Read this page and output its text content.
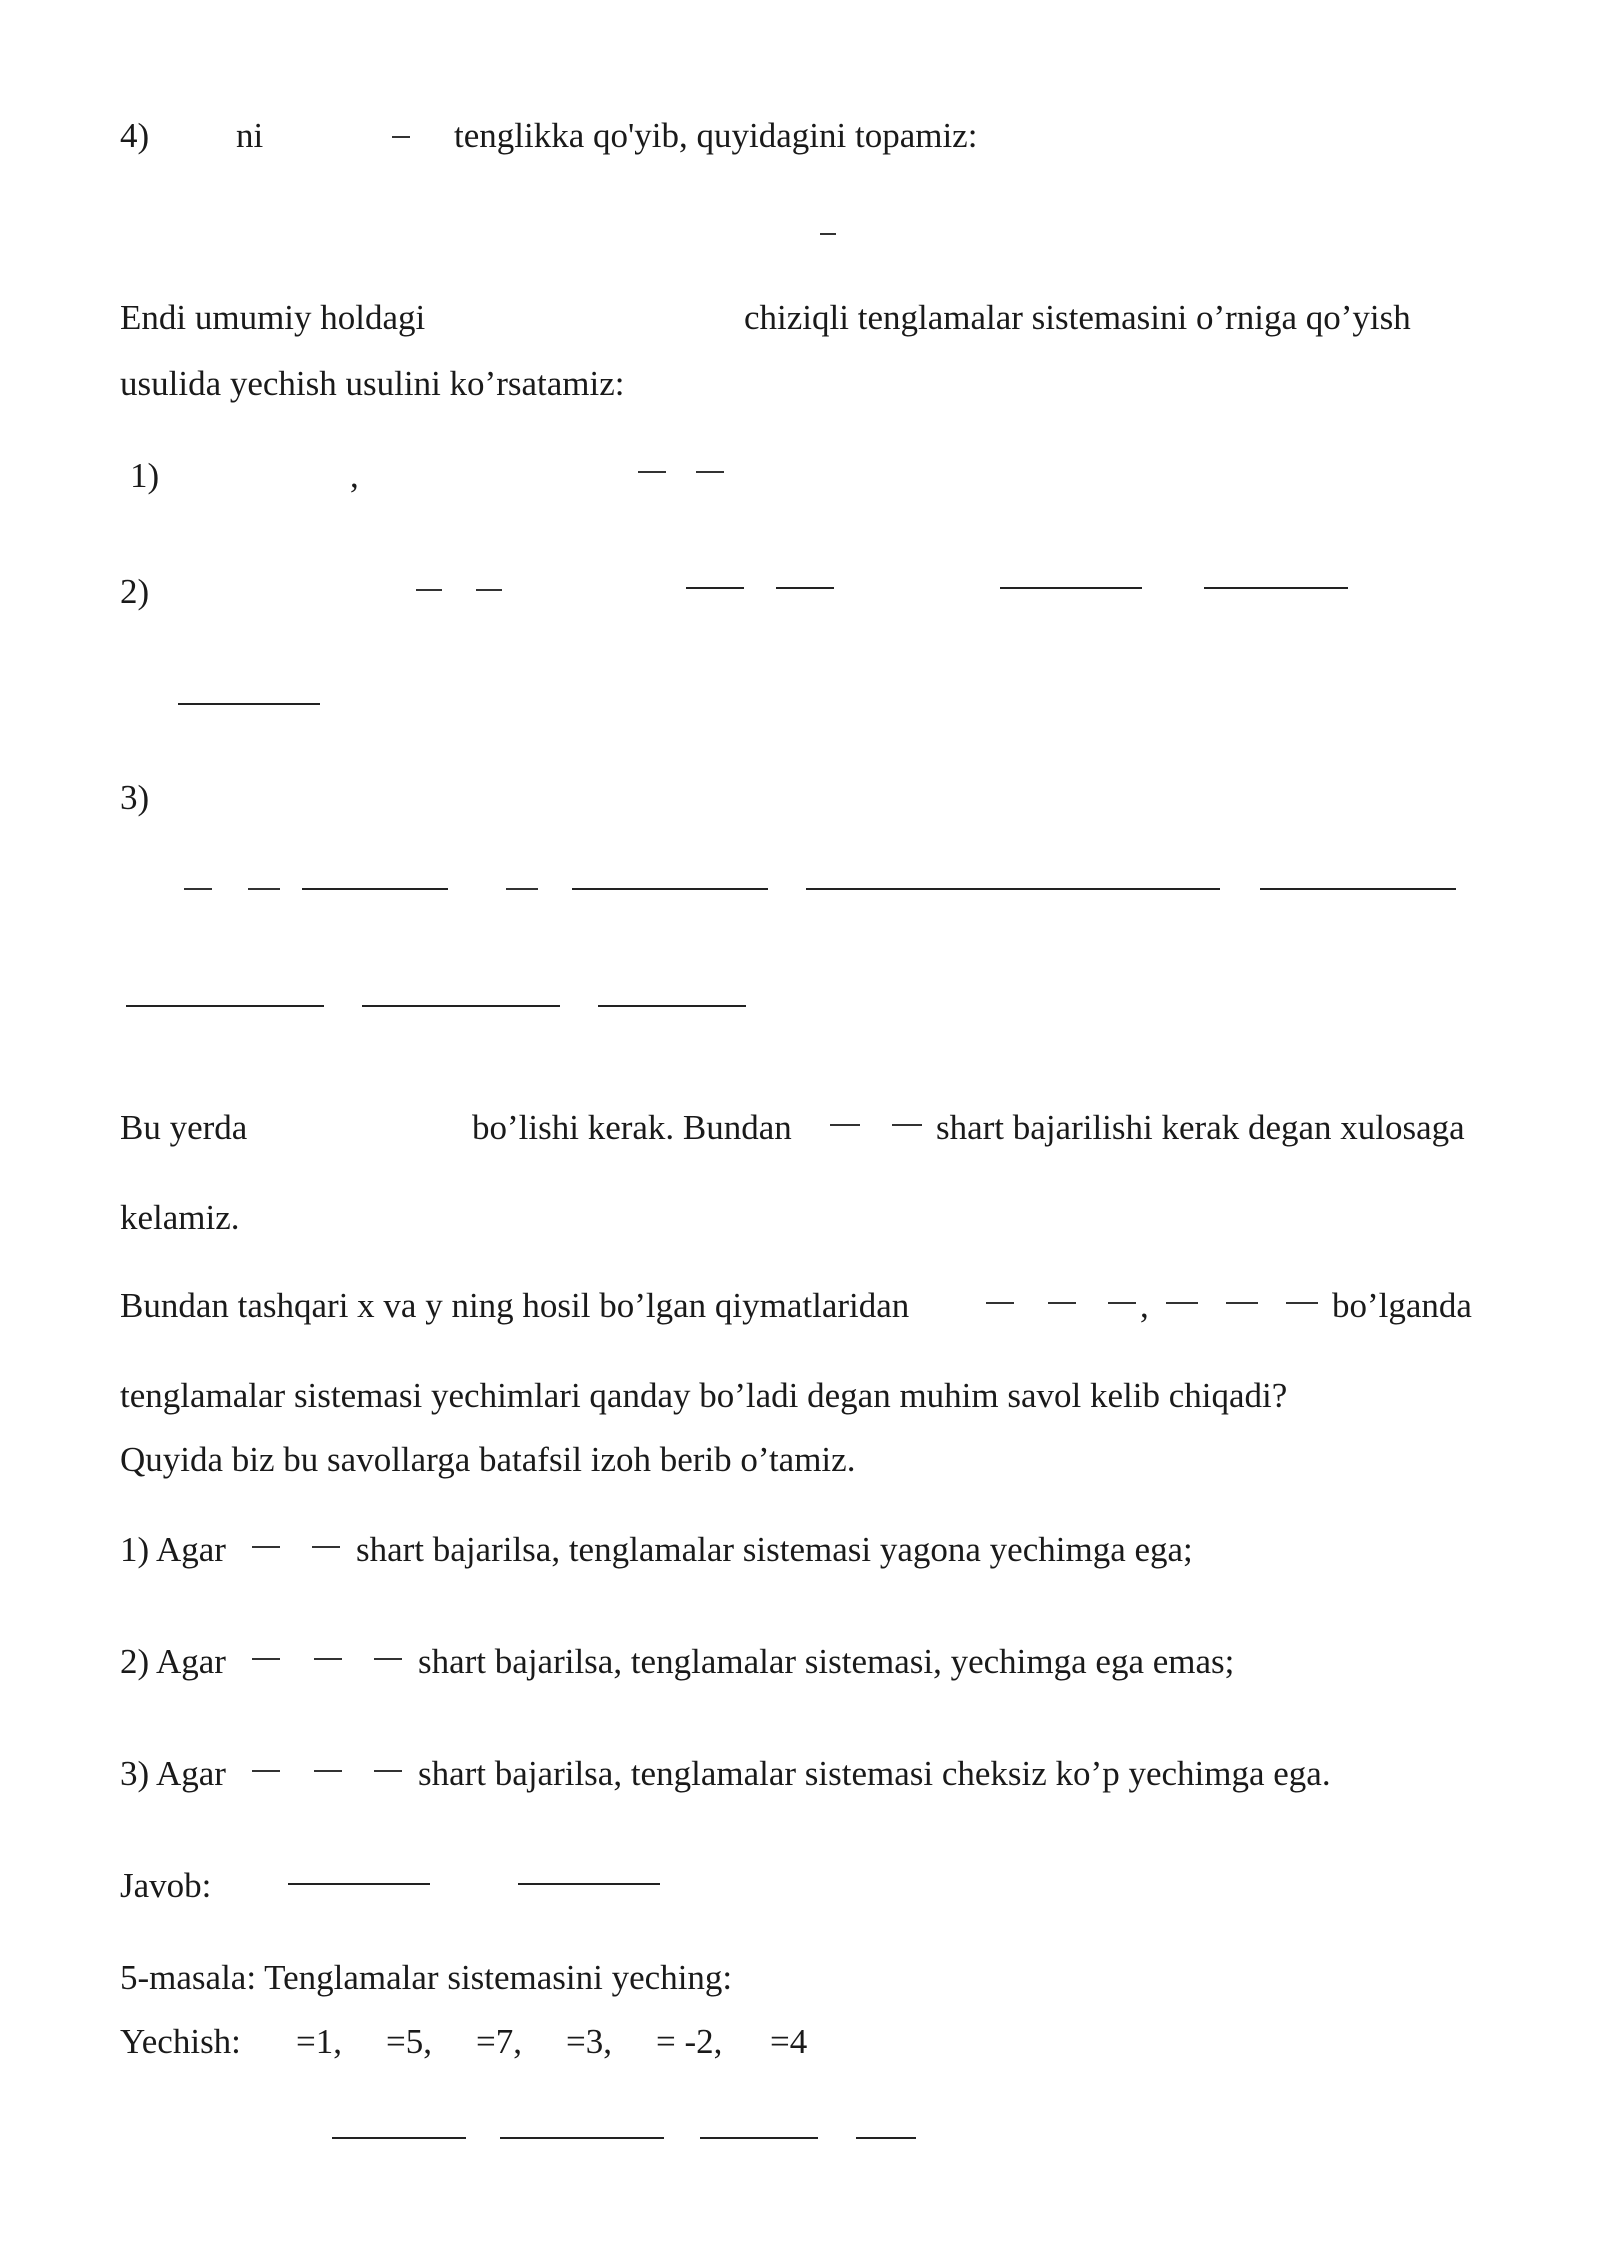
4) ni	tenglikka qo'yib, quyidagini topamiz:
Endi umumiy holdagi	chiziqli tenglamalar sistemasini o’rniga qo’yish
usulida yechish usulini ko’rsatamiz:
1)	,
2)
3)
Bu yerda	bo’lishi kerak. Bundan	shart bajarilishi kerak degan xulosaga
kelamiz.
Bundan tashqari x va y ning hosil bo’lgan qiymatlaridan	,	bo’lganda
tenglamalar sistemasi yechimlari qanday bo’ladi degan muhim savol kelib chiqadi?
Quyida biz bu savollarga batafsil izoh berib o’tamiz.
1) Agar	shart bajarilsa, tenglamalar sistemasi yagona yechimga ega;
2) Agar	shart bajarilsa, tenglamalar sistemasi, yechimga ega emas;
3) Agar	shart bajarilsa, tenglamalar sistemasi cheksiz ko’p yechimga ega.
Javob:
5-masala: Tenglamalar sistemasini yeching:
Yechish: =1, =5, =7, =3, = -2, =4
